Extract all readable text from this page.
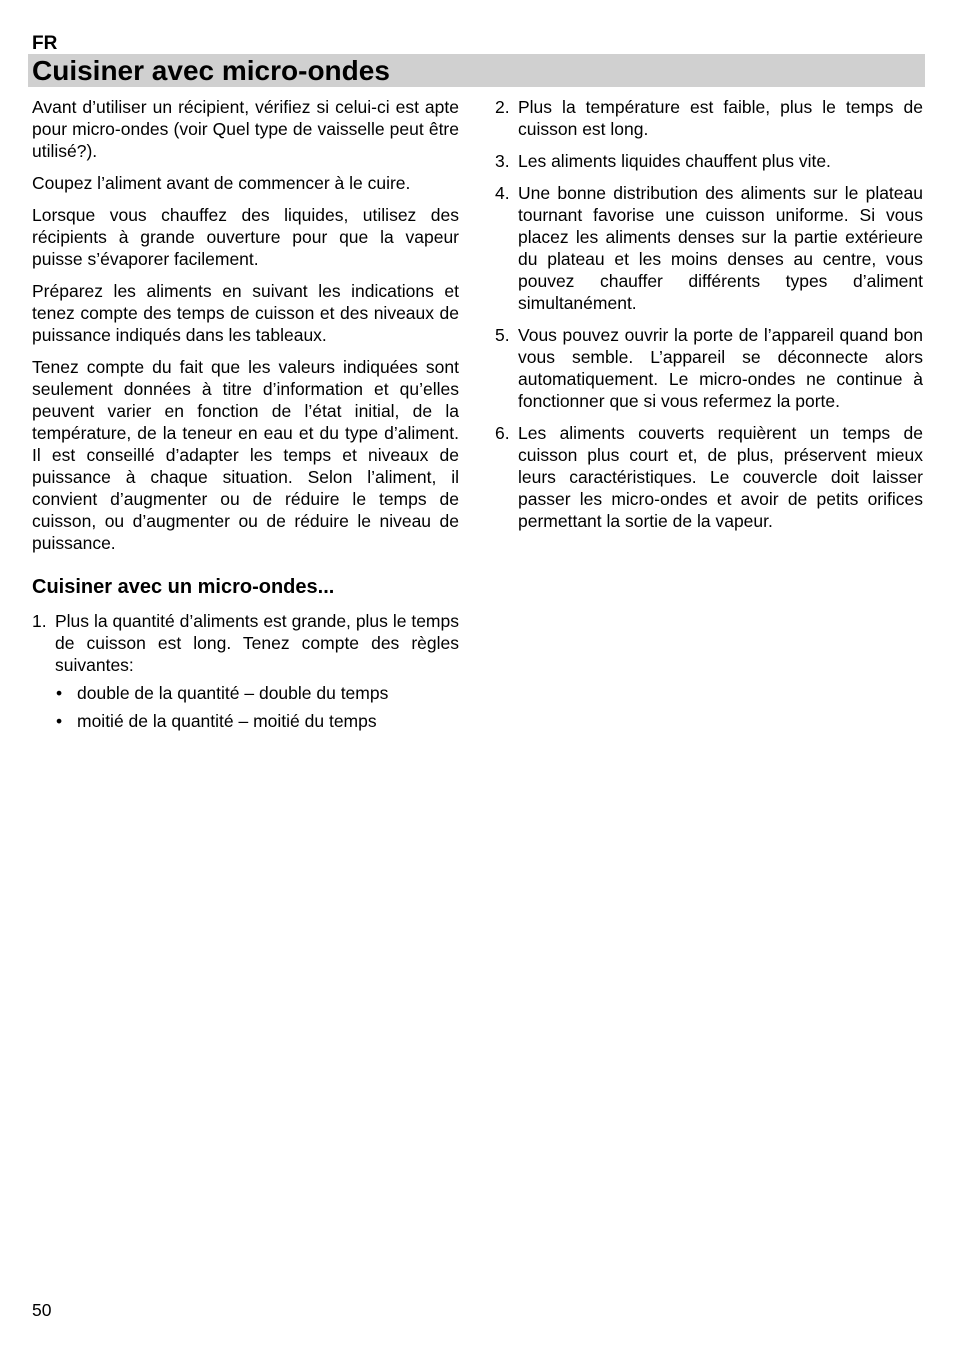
FR
Cuisiner avec micro-ondes

Avant d’utiliser un récipient, vérifiez si celui-ci est apte pour micro-ondes (voir Quel type de vaisselle peut être utilisé?).

Coupez l’aliment avant de commencer à le cuire.

Lorsque vous chauffez des liquides, utilisez des récipients à grande ouverture pour que la vapeur puisse s’évaporer facilement.

Préparez les aliments en suivant les indications et tenez compte des temps de cuisson et des niveaux de puissance indiqués dans les tableaux.

Tenez compte du fait que les valeurs indiquées sont seulement données à titre d’information et qu’elles peuvent varier en fonction de l’état initial, de la température, de la teneur en eau et du type d’aliment. Il est conseillé d’adapter les temps et niveaux de puissance à chaque situation. Selon l’aliment, il convient d’augmenter ou de réduire le temps de cuisson, ou d’augmenter ou de réduire le niveau de puissance.

Cuisiner avec un micro-ondes...
1. Plus la quantité d’aliments est grande, plus le temps de cuisson est long. Tenez compte des règles suivantes:
• double de la quantité – double du temps
• moitié de la quantité – moitié du temps
2. Plus la température est faible, plus le temps de cuisson est long.
3. Les aliments liquides chauffent plus vite.
4. Une bonne distribution des aliments sur le plateau tournant favorise une cuisson uniforme. Si vous placez les aliments denses sur la partie extérieure du plateau et les moins denses au centre, vous pouvez chauffer différents types d’aliment simultanément.
5. Vous pouvez ouvrir la porte de l’appareil quand bon vous semble. L’appareil se déconnecte alors automatiquement. Le micro-ondes ne continue à fonctionner que si vous refermez la porte.
6. Les aliments couverts requièrent un temps de cuisson plus court et, de plus, préservent mieux leurs caractéristiques. Le couvercle doit laisser passer les micro-ondes et avoir de petits orifices permettant la sortie de la vapeur.
50
